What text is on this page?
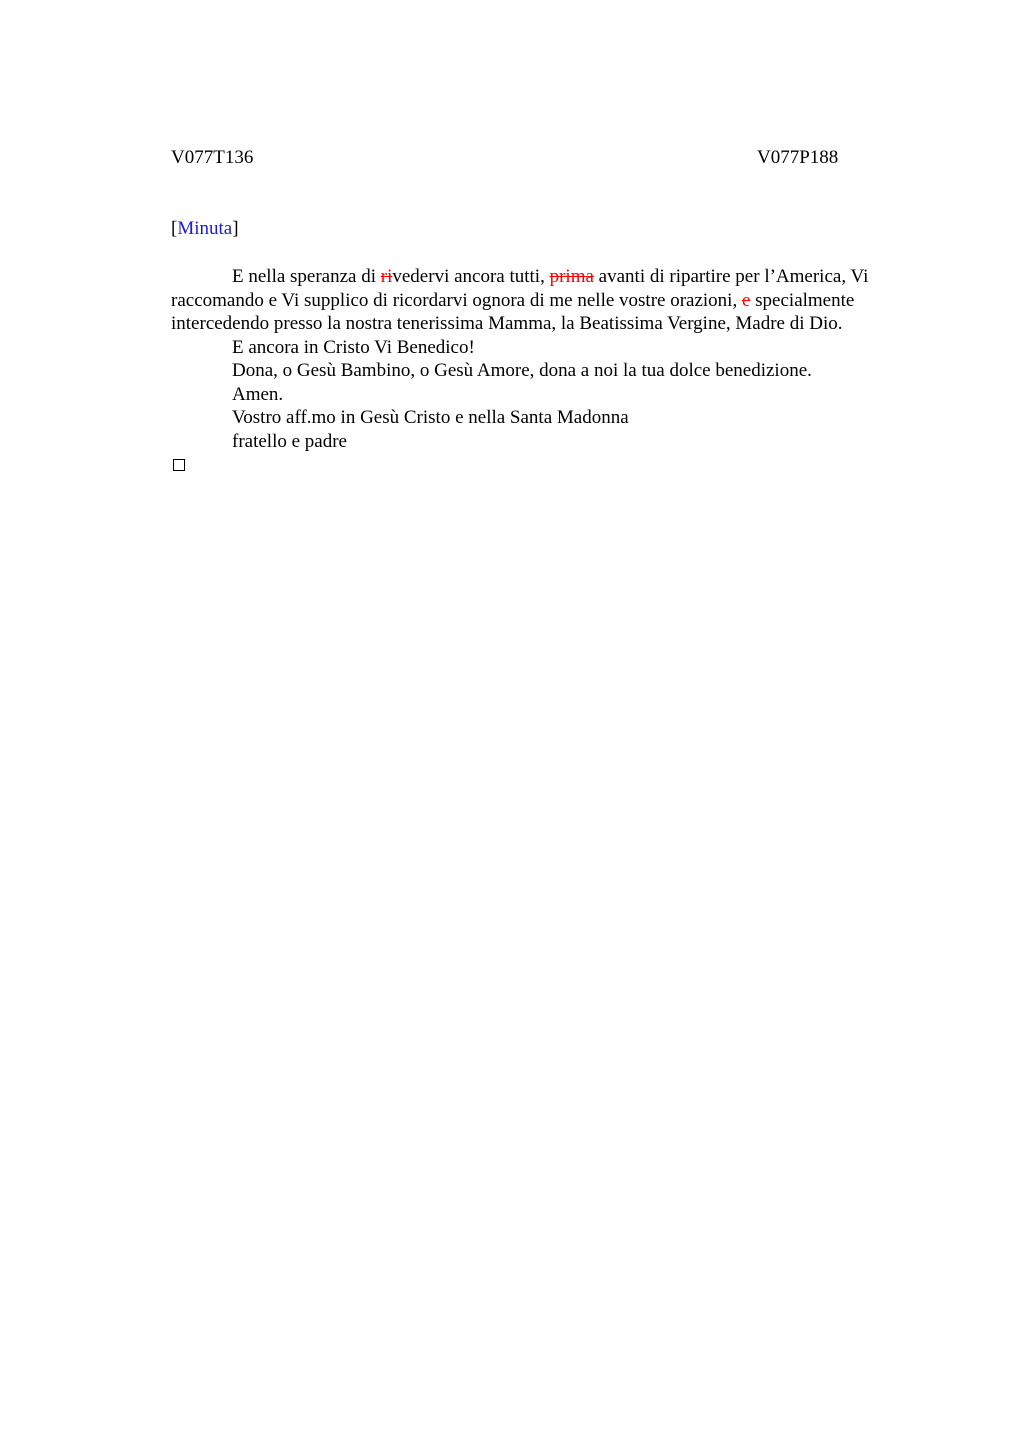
V077T136	V077P188
[Minuta]

E nella speranza di rivedervi ancora tutti, prima avanti di ripartire per l’America, Vi raccomando e Vi supplico di ricordarvi ognora di me nelle vostre orazioni, e specialmente intercedendo presso la nostra tenerissima Mamma, la Beatissima Vergine, Madre di Dio.

E ancora in Cristo Vi Benedico!

Dona, o Gesù Bambino, o Gesù Amore, dona a noi la tua dolce benedizione.

Amen.

Vostro aff.mo in Gesù Cristo e nella Santa Madonna

fratello e padre
